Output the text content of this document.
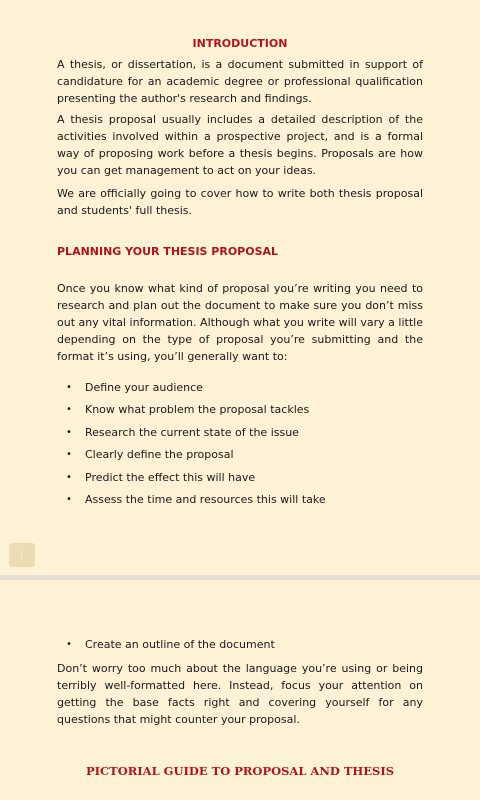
INTRODUCTION

A thesis, or dissertation, is a document submitted in support of candidature for an academic degree or professional qualification presenting the author's research and findings.

A thesis proposal usually includes a detailed description of the activities involved within a prospective project, and is a formal way of proposing work before a thesis begins. Proposals are how you can get management to act on your ideas.

We are officially going to cover how to write both thesis proposal and students' full thesis.

PLANNING YOUR THESIS PROPOSAL

Once you know what kind of proposal you’re writing you need to research and plan out the document to make sure you don’t miss out any vital information. Although what you write will vary a little depending on the type of proposal you’re submitting and the format it’s using, you’ll generally want to:

• Define your audience
• Know what problem the proposal tackles
• Research the current state of the issue
• Clearly define the proposal
• Predict the effect this will have
• Assess the time and resources this will take
• Create an outline of the document

Don’t worry too much about the language you’re using or being terribly well-formatted here. Instead, focus your attention on getting the base facts right and covering yourself for any questions that might counter your proposal.

PICTORIAL GUIDE TO PROPOSAL AND THESIS
